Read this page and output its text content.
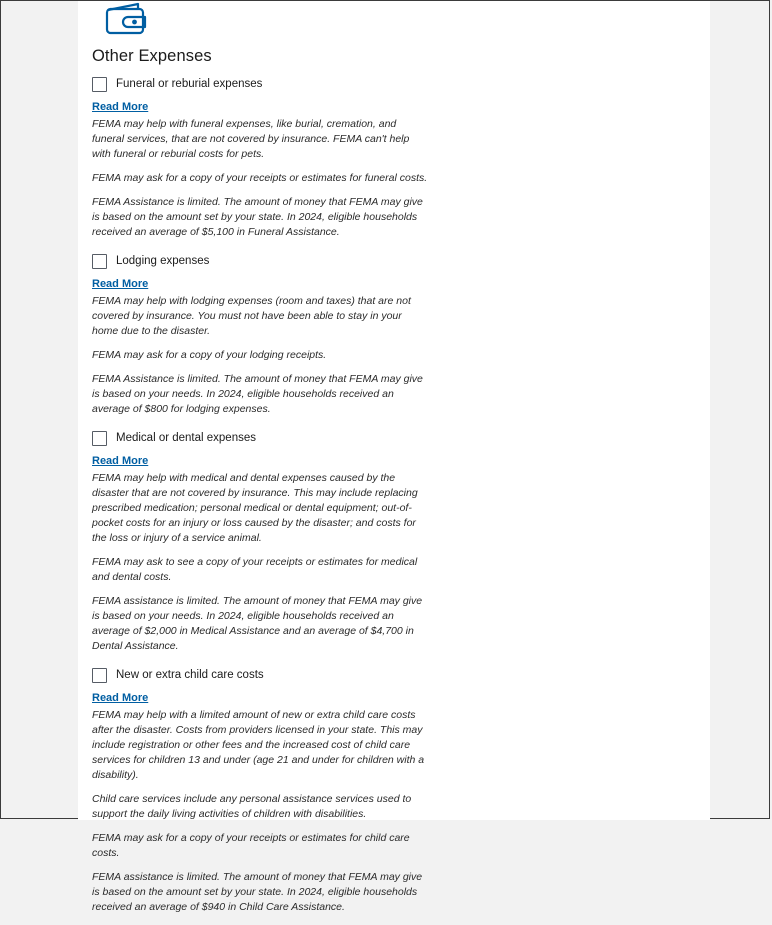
Other Expenses
Funeral or reburial expenses
Read More

FEMA may help with funeral expenses, like burial, cremation, and funeral services, that are not covered by insurance. FEMA can't help with funeral or reburial costs for pets.

FEMA may ask for a copy of your receipts or estimates for funeral costs.

FEMA Assistance is limited. The amount of money that FEMA may give is based on the amount set by your state. In 2024, eligible households received an average of $5,100 in Funeral Assistance.

Lodging expenses
Read More

FEMA may help with lodging expenses (room and taxes) that are not covered by insurance. You must not have been able to stay in your home due to the disaster.

FEMA may ask for a copy of your lodging receipts.

FEMA Assistance is limited. The amount of money that FEMA may give is based on your needs. In 2024, eligible households received an average of $800 for lodging expenses.

Medical or dental expenses
Read More

FEMA may help with medical and dental expenses caused by the disaster that are not covered by insurance. This may include replacing prescribed medication; personal medical or dental equipment; out-of-pocket costs for an injury or loss caused by the disaster; and costs for the loss or injury of a service animal.

FEMA may ask to see a copy of your receipts or estimates for medical and dental costs.

FEMA assistance is limited. The amount of money that FEMA may give is based on your needs. In 2024, eligible households received an average of $2,000 in Medical Assistance and an average of $4,700 in Dental Assistance.

New or extra child care costs
Read More

FEMA may help with a limited amount of new or extra child care costs after the disaster. Costs from providers licensed in your state. This may include registration or other fees and the increased cost of child care services for children 13 and under (age 21 and under for children with a disability).

Child care services include any personal assistance services used to support the daily living activities of children with disabilities.

FEMA may ask for a copy of your receipts or estimates for child care costs.

FEMA assistance is limited. The amount of money that FEMA may give is based on the amount set by your state. In 2024, eligible households received an average of $940 in Child Care Assistance.
